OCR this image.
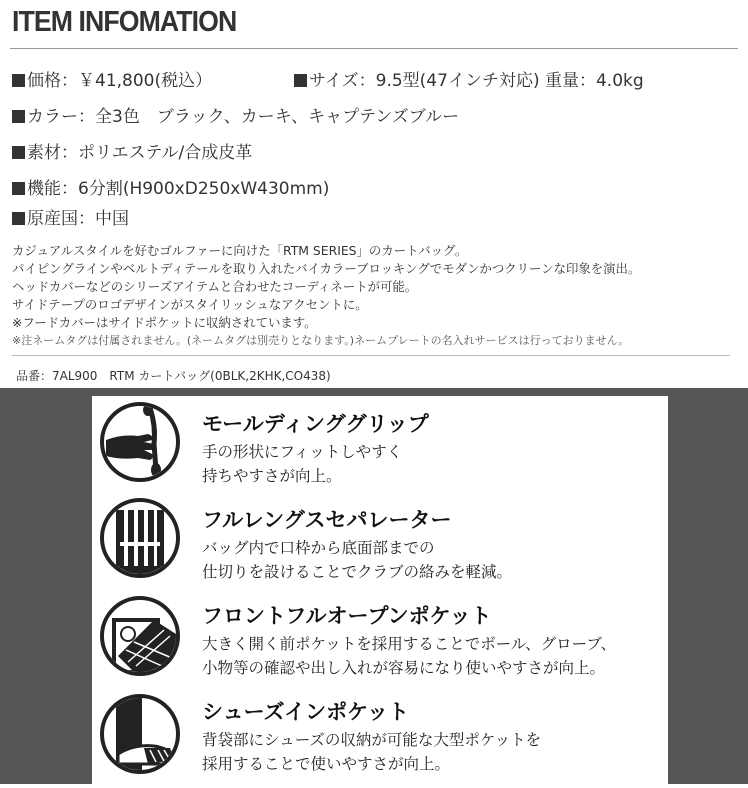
ITEM INFOMATION
価格：￥41,800(税込）	サイズ：9.5型(47インチ対応) 重量：4.0kg
カラー：全3色　ブラック、カーキ、キャプテンズブルー
素材：ポリエステル/合成皮革
機能：6分割(H900xD250xW430mm)
原産国：中国

カジュアルスタイルを好むゴルファーに向けた「RTM SERIES」のカートバッグ。

パイピングラインやベルトディテールを取り入れたバイカラーブロッキングでモダンかつクリーンな印象を演出。

ヘッドカバーなどのシリーズアイテムと合わせたコーディネートが可能。

サイドテープのロゴデザインがスタイリッシュなアクセントに。

※フードカバーはサイドポケットに収納されています。

※注ネームタグは付属されません。(ネームタグは別売りとなります。)ネームプレートの名入れサービスは行っておりません。

品番：7AL900　RTM カートバッグ(0BLK,2KHK,CO438)
モールディンググリップ

手の形状にフィットしやすく

持ちやすさが向上。

フルレングスセパレーター

バッグ内で口枠から底面部までの

仕切りを設けることでクラブの絡みを軽減。

フロントフルオープンポケット

大きく開く前ポケットを採用することでボール、グローブ、

小物等の確認や出し入れが容易になり使いやすさが向上。

シューズインポケット

背袋部にシューズの収納が可能な大型ポケットを

採用することで使いやすさが向上。
